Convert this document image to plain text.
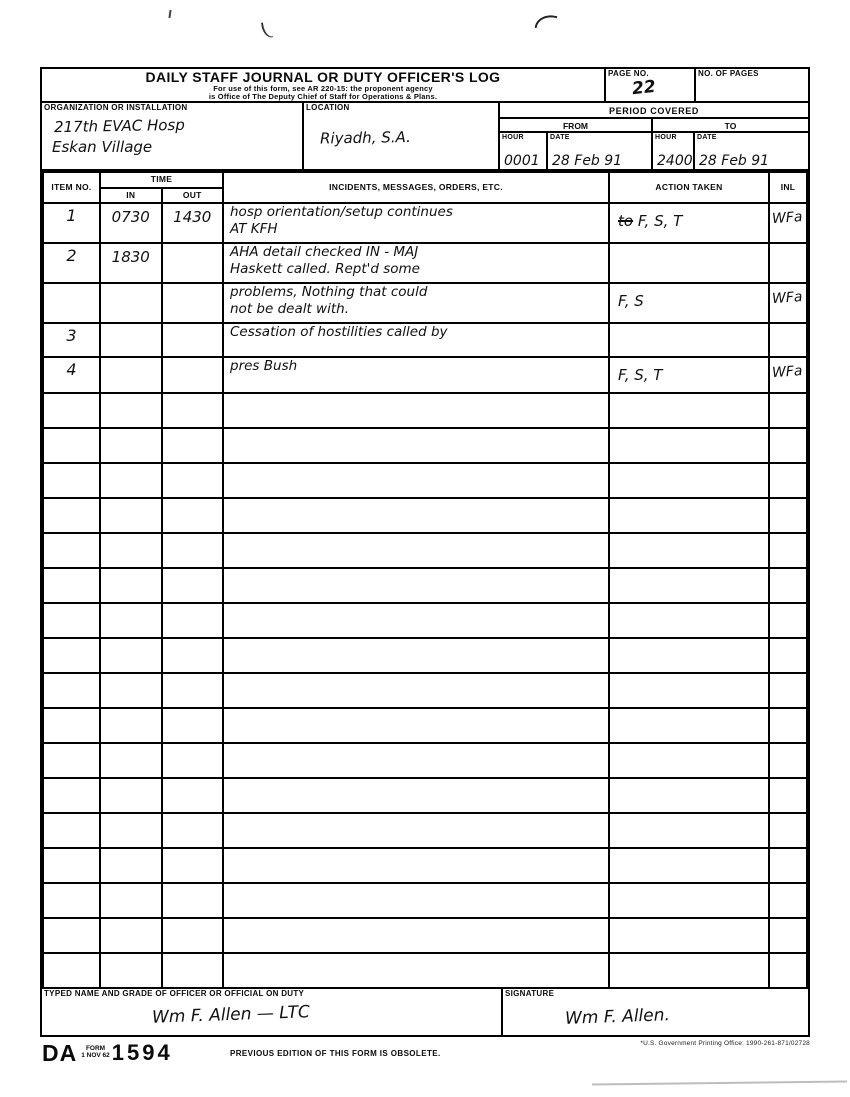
DAILY STAFF JOURNAL OR DUTY OFFICER'S LOG
For use of this form, see AR 220-15: the proponent agency
is Office of The Deputy Chief of Staff for Operations & Plans.
PAGE NO.
22
NO. OF PAGES
ORGANIZATION OR INSTALLATION
217th EVAC Hosp
Eskan Village
LOCATION
Riyadh, S.A.
PERIOD COVERED
FROM	TO
HOUR
0001
DATE
28 Feb 91
HOUR
2400
DATE
28 Feb 91
ITEM NO.	TIME		INCIDENTS, MESSAGES, ORDERS, ETC.	ACTION TAKEN	INL
	IN	OUT			

1	0730	1430	hosp orientation/setup continues
AT KFH	to F, S, T	WFa

2	1830		AHA detail checked IN - MAJ
Haskett called. Rept'd some		

			problems, Nothing that could
not be dealt with.	F, S	WFa

3			Cessation of hostilities called by		

4			pres Bush	F, S, T	WFa

TYPED NAME AND GRADE OF OFFICER OR OFFICIAL ON DUTY
Wm F. Allen — LTC
SIGNATURE
Wm F. Allen.
DA	FORM
1 NOV 62 1594	PREVIOUS EDITION OF THIS FORM IS OBSOLETE.
*U.S. Government Printing Office: 1990-261-871/02728
